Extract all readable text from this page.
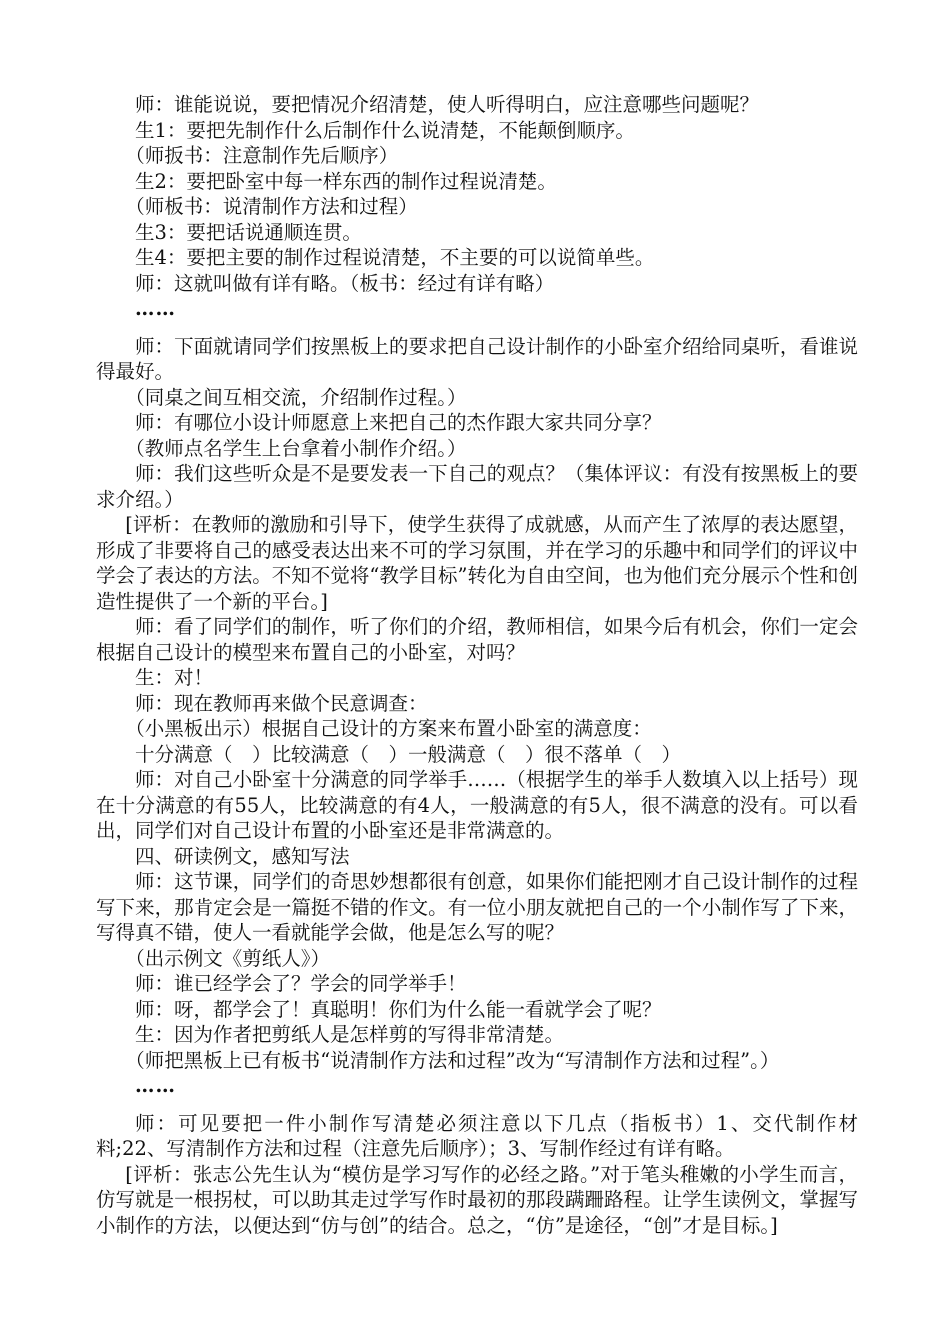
师：谁能说说，要把情况介绍清楚，使人听得明白，应注意哪些问题呢？

生1：要把先制作什么后制作什么说清楚，不能颠倒顺序。

（师扳书：注意制作先后顺序）

生2：要把卧室中每一样东西的制作过程说清楚。

（师板书：说清制作方法和过程）

生3：要把话说通顺连贯。

生4：要把主要的制作过程说清楚，不主要的可以说简单些。

师：这就叫做有详有略。（板书：经过有详有略）

……

师：下面就请同学们按黑板上的要求把自己设计制作的小卧室介绍给同桌听，看谁说得最好。

（同桌之间互相交流，介绍制作过程。）

师：有哪位小设计师愿意上来把自己的杰作跟大家共同分享？

（教师点名学生上台拿着小制作介绍。）

师：我们这些听众是不是要发表一下自己的观点？（集体评议：有没有按黑板上的要求介绍。）

[评析：在教师的激励和引导下，使学生获得了成就感，从而产生了浓厚的表达愿望，形成了非要将自己的感受表达出来不可的学习氛围，并在学习的乐趣中和同学们的评议中学会了表达的方法。不知不觉将“教学目标”转化为自由空间，也为他们充分展示个性和创造性提供了一个新的平台。]

师：看了同学们的制作，听了你们的介绍，教师相信，如果今后有机会，你们一定会根据自己设计的模型来布置自己的小卧室，对吗？

生：对！

师：现在教师再来做个民意调查：

（小黑板出示）根据自己设计的方案来布置小卧室的满意度：

十分满意（　）比较满意（　）一般满意（　）很不落单（　）

师：对自己小卧室十分满意的同学举手……（根据学生的举手人数填入以上括号）现在十分满意的有55人，比较满意的有4人，一般满意的有5人，很不满意的没有。可以看出，同学们对自己设计布置的小卧室还是非常满意的。

四、研读例文，感知写法

师：这节课，同学们的奇思妙想都很有创意，如果你们能把刚才自己设计制作的过程写下来，那肯定会是一篇挺不错的作文。有一位小朋友就把自己的一个小制作写了下来，写得真不错，使人一看就能学会做，他是怎么写的呢？

（出示例文《剪纸人》）

师：谁已经学会了？学会的同学举手！

师：呀，都学会了！真聪明！你们为什么能一看就学会了呢？

生：因为作者把剪纸人是怎样剪的写得非常清楚。

（师把黑板上已有板书“说清制作方法和过程”改为“写清制作方法和过程”。）

……

师：可见要把一件小制作写清楚必须注意以下几点（指板书）1、交代制作材料;22、写清制作方法和过程（注意先后顺序）；3、写制作经过有详有略。

[评析：张志公先生认为“模仿是学习写作的必经之路。”对于笔头稚嫩的小学生而言，仿写就是一根拐杖，可以助其走过学写作时最初的那段蹒跚路程。让学生读例文，掌握写小制作的方法，以便达到“仿与创”的结合。总之，“仿”是途径，“创”才是目标。]
